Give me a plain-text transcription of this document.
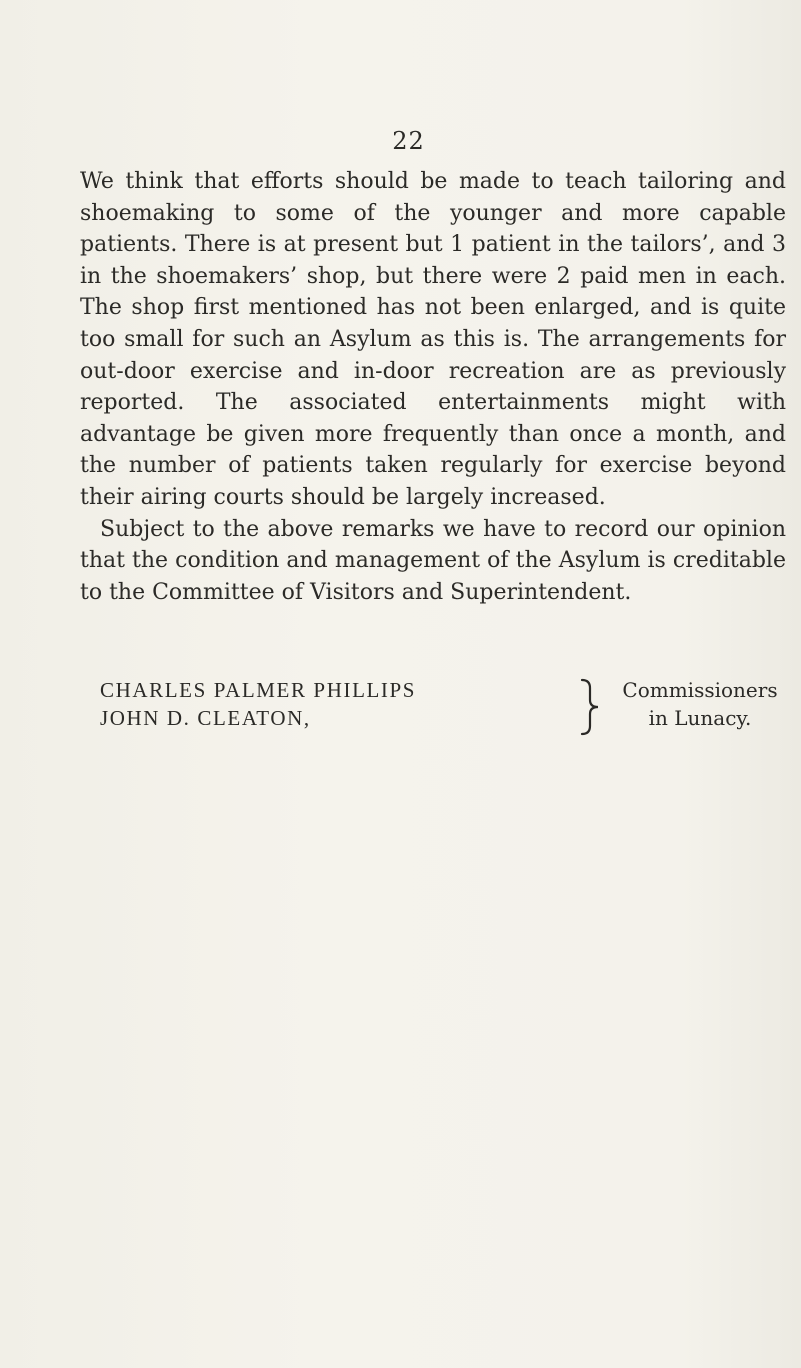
22

We think that efforts should be made to teach tailoring and shoemaking to some of the younger and more capable patients. There is at present but 1 patient in the tailors’, and 3 in the shoemakers’ shop, but there were 2 paid men in each. The shop first mentioned has not been enlarged, and is quite too small for such an Asylum as this is. The arrangements for out-door exercise and in-door recreation are as previously reported. The associated entertainments might with advantage be given more frequently than once a month, and the number of patients taken regularly for exercise beyond their airing courts should be largely increased.

Subject to the above remarks we have to record our opinion that the condition and management of the Asylum is creditable to the Committee of Visitors and Superintendent.

CHARLES PALMER PHILLIPS
JOHN D. CLEATON,
Commissioners
in Lunacy.
